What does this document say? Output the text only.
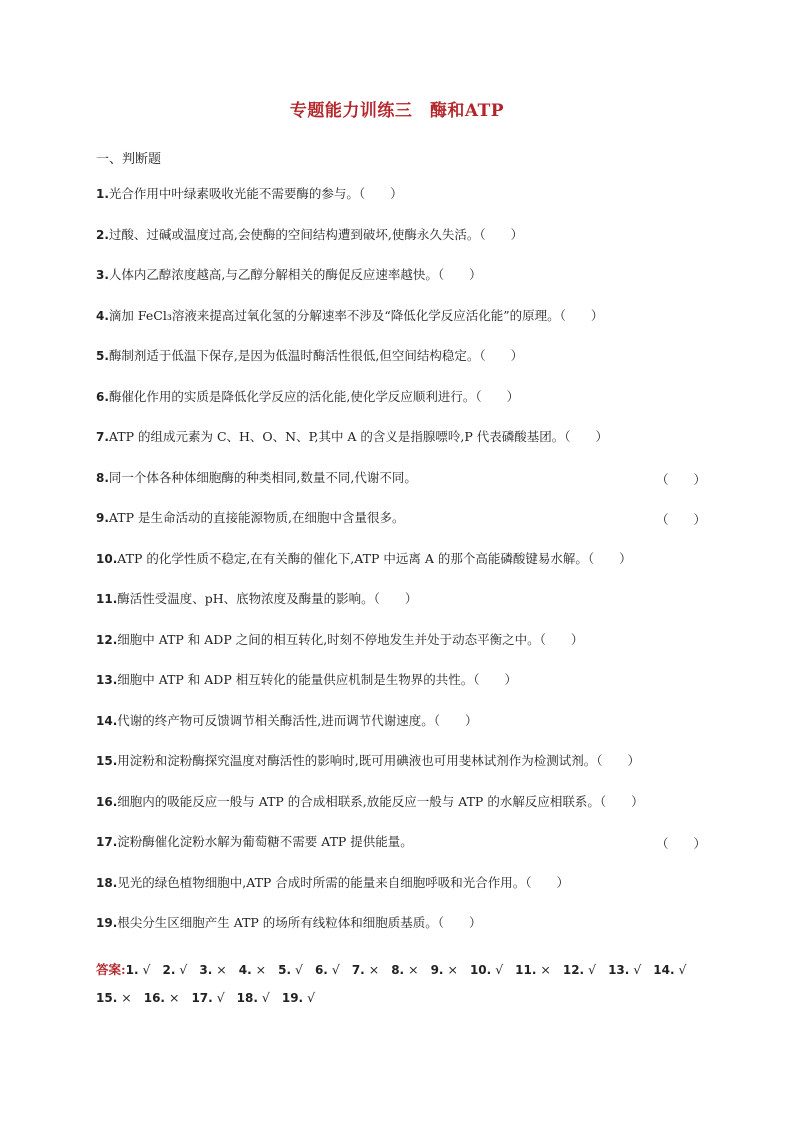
专题能力训练三　酶和ATP
一、判断题
1.光合作用中叶绿素吸收光能不需要酶的参与。（　　）
2.过酸、过碱或温度过高,会使酶的空间结构遭到破坏,使酶永久失活。（　　）
3.人体内乙醇浓度越高,与乙醇分解相关的酶促反应速率越快。（　　）
4.滴加 FeCl₃溶液来提高过氧化氢的分解速率不涉及“降低化学反应活化能”的原理。（　　）
5.酶制剂适于低温下保存,是因为低温时酶活性很低,但空间结构稳定。（　　）
6.酶催化作用的实质是降低化学反应的活化能,使化学反应顺利进行。（　　）
7.ATP 的组成元素为 C、H、O、N、P,其中 A 的含义是指腺嘌呤,P 代表磷酸基团。（　　）
8.同一个体各种体细胞酶的种类相同,数量不同,代谢不同。	（　　）
9.ATP 是生命活动的直接能源物质,在细胞中含量很多。	（　　）
10.ATP 的化学性质不稳定,在有关酶的催化下,ATP 中远离 A 的那个高能磷酸键易水解。（　　）
11.酶活性受温度、pH、底物浓度及酶量的影响。（　　）
12.细胞中 ATP 和 ADP 之间的相互转化,时刻不停地发生并处于动态平衡之中。（　　）
13.细胞中 ATP 和 ADP 相互转化的能量供应机制是生物界的共性。（　　）
14.代谢的终产物可反馈调节相关酶活性,进而调节代谢速度。（　　）
15.用淀粉和淀粉酶探究温度对酶活性的影响时,既可用碘液也可用斐林试剂作为检测试剂。（　　）
16.细胞内的吸能反应一般与 ATP 的合成相联系,放能反应一般与 ATP 的水解反应相联系。（　　）
17.淀粉酶催化淀粉水解为葡萄糖不需要 ATP 提供能量。	（　　）
18.见光的绿色植物细胞中,ATP 合成时所需的能量来自细胞呼吸和光合作用。（　　）
19.根尖分生区细胞产生 ATP 的场所有线粒体和细胞质基质。（　　）
答案:1. √ 2. √ 3. × 4. × 5. √ 6. √ 7. × 8. × 9. × 10. √ 11. × 12. √ 13. √ 14. √ 15. × 16. × 17. √ 18. √ 19. √
